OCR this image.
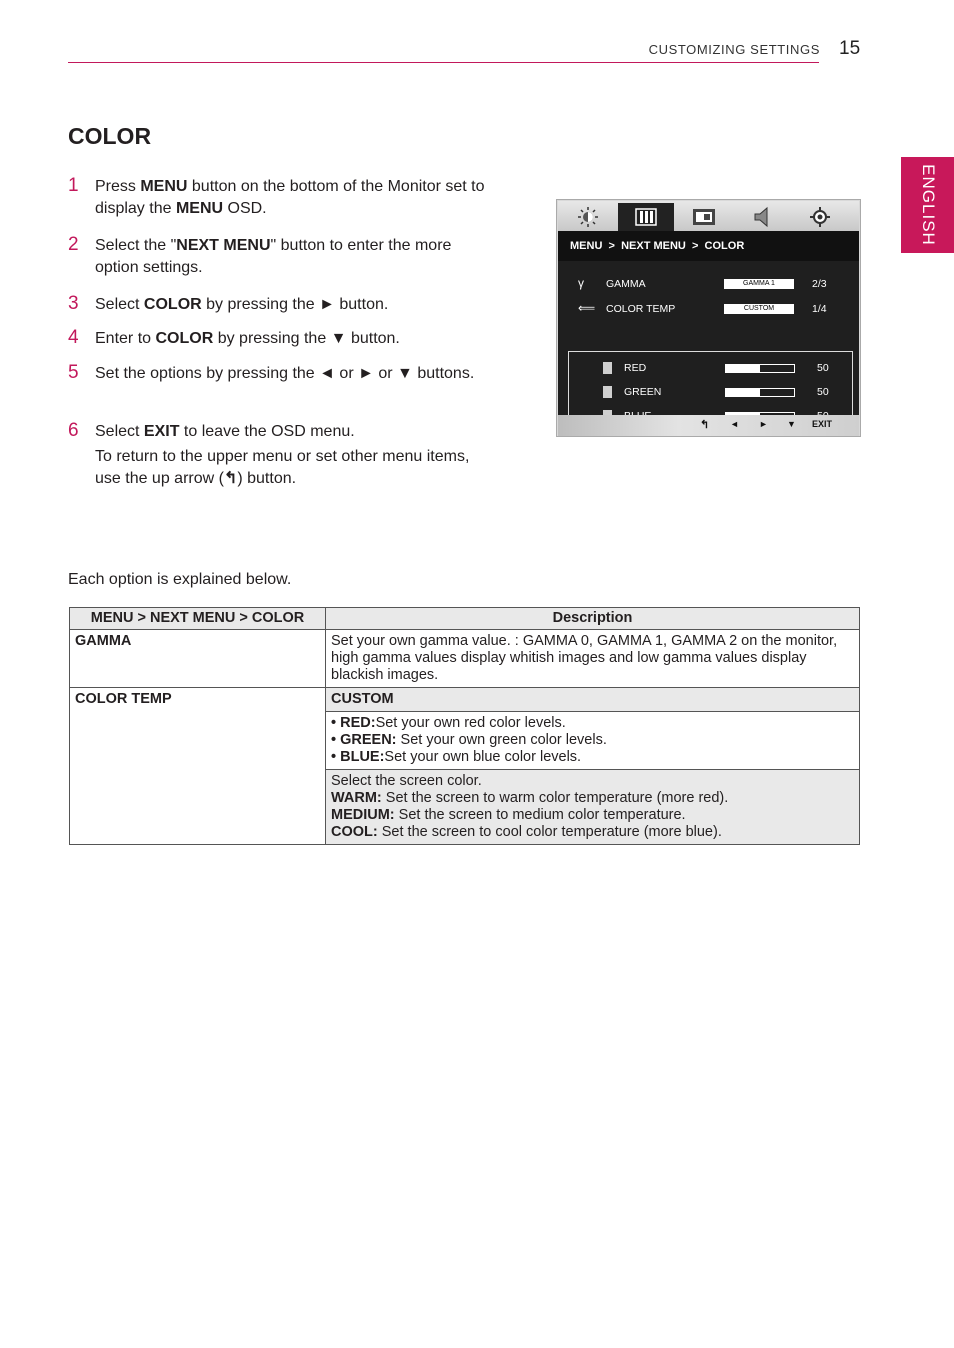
CUSTOMIZING SETTINGS 15
ENGLISH
COLOR
1 Press MENU button on the bottom of the Monitor set to display the MENU OSD.
2 Select the "NEXT MENU" button to enter the more option settings.
3 Select COLOR by pressing the ► button.
4 Enter to COLOR by pressing the ▼ button.
5 Set the options by pressing the ◄ or ► or ▼ buttons.
6 Select EXIT to leave the OSD menu.
To return to the upper menu or set other menu items, use the up arrow (↰) button.
MENU > NEXT MENU > COLOR
γ GAMMA	GAMMA 1	2/3
⟸ COLOR TEMP	CUSTOM	1/4
RED	50
GREEN	50
↰ ◄ ► ▼ EXIT
Each option is explained below.
MENU > NEXT MENU > COLOR	Description
GAMMA	Set your own gamma value. : GAMMA 0, GAMMA 1, GAMMA 2 on the monitor, high gamma values display whitish images and low gamma values display blackish images.
COLOR TEMP	CUSTOM

	• RED:Set your own red color levels.
• GREEN: Set your own green color levels.
• BLUE:Set your own blue color levels.

	Select the screen color.
WARM: Set the screen to warm color temperature (more red).
MEDIUM: Set the screen to medium color temperature.
COOL: Set the screen to cool color temperature (more blue).
